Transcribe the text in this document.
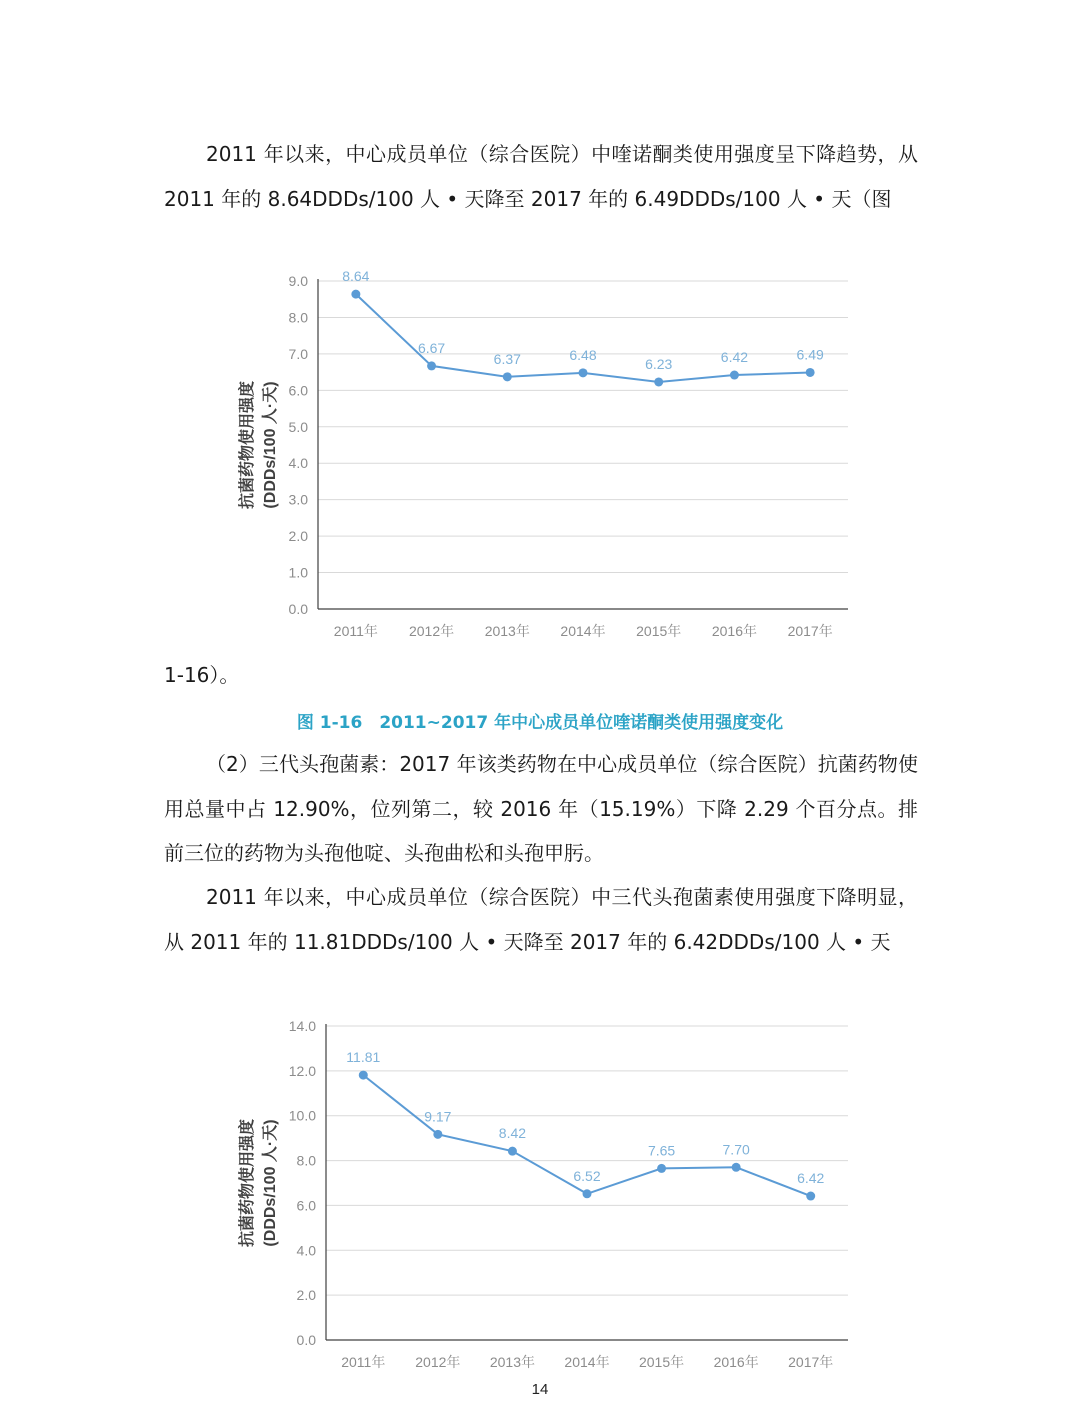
2011 年以来，中心成员单位（综合医院）中喹诺酮类使用强度呈下降趋势，从 2011 年的 8.64DDDs/100 人 • 天降至 2017 年的 6.49DDDs/100 人 • 天（图

0.0
1.0
2.0
3.0
4.0
5.0
6.0
7.0
8.0
9.0
2011年 2012年 2013年 2014年 2015年 2016年 2017年
8.64
6.67
6.37	6.48
6.23	6.42	6.49
抗菌药物使用强度 (DDDs/100 人·天)

1-16）。

图 1-16　2011~2017 年中心成员单位喹诺酮类使用强度变化

（2）三代头孢菌素：2017 年该类药物在中心成员单位（综合医院）抗菌药物使用总量中占 12.90%，位列第二，较 2016 年（15.19%）下降 2.29 个百分点。排前三位的药物为头孢他啶、头孢曲松和头孢甲肟。

2011 年以来，中心成员单位（综合医院）中三代头孢菌素使用强度下降明显，从 2011 年的 11.81DDDs/100 人 • 天降至 2017 年的 6.42DDDs/100 人 • 天

0.0
2.0
4.0
6.0
8.0
10.0
12.0
14.0
2011年 2012年 2013年 2014年 2015年 2016年 2017年
11.81
9.17
8.42
6.52
7.65	7.70
6.42
抗菌药物使用强度 (DDDs/100 人·天)
14
